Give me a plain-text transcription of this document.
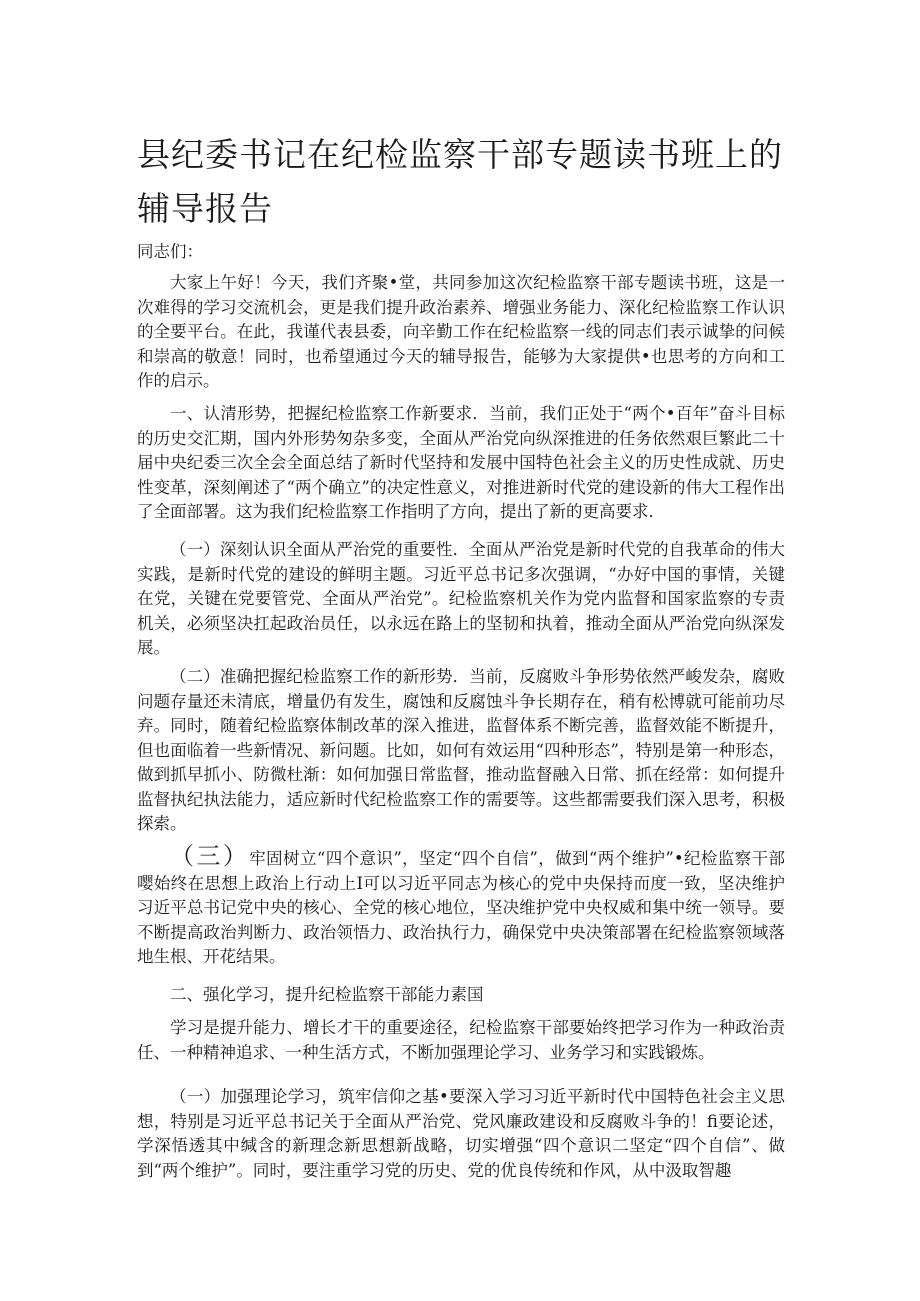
县纪委书记在纪检监察干部专题读书班上的辅导报告

同志们：

大家上午好！今天，我们齐聚•堂，共同参加这次纪检监察干部专题读书班，这是一次难得的学习交流机会，更是我们提升政治素养、增强业务能力、深化纪检监察工作认识的全要平台。在此，我谨代表县委，向辛勤工作在纪检监察一线的同志们表示诚挚的问候和崇高的敬意！同时，也希望通过今天的辅导报告，能够为大家提供•也思考的方向和工作的启示。

一、认清形势，把握纪检监察工作新要求．当前，我们正处于“两个•百年”奋斗目标的历史交汇期，国内外形势匆杂多变，全面从严治党向纵深推进的任务依然艰巨繁此二十届中央纪委三次全会全面总结了新时代坚持和发展中国特色社会主义的历史性成就、历史性变革，深刻阐述了“两个确立”的决定性意义，对推进新时代党的建设新的伟大工程作出了全面部署。这为我们纪检监察工作指明了方向，提出了新的更高要求．

（一）深刻认识全面从严治党的重要性．全面从严治党是新时代党的自我革命的伟大实践，是新时代党的建设的鲜明主题。习近平总书记多次强调，“办好中国的事情，关键在党，关键在党要管党、全面从严治党”。纪检监察机关作为党内监督和国家监察的专责机关，必须坚决扛起政治员任，以永远在路上的坚韧和执着，推动全面从严治党向纵深发展。

（二）准确把握纪检监察工作的新形势．当前，反腐败斗争形势依然严峻发杂，腐败问题存量还未清底，增量仍有发生，腐蚀和反腐蚀斗争长期存在，稍有松博就可能前功尽弃。同时，随着纪检监察体制改革的深入推进，监督体系不断完善，监督效能不断提升，但也面临着一些新情况、新问题。比如，如何有效运用“四种形态”，特别是第一种形态，做到抓早抓小、防微杜渐：如何加强日常监督，推动监督融入日常、抓在经常：如何提升监督执纪执法能力，适应新时代纪检监察工作的需要等。这些都需要我们深入思考，积极探索。

（三）牢固树立“四个意识”，坚定“四个自信”，做到“两个维护”•纪检监察干部嘤始终在思想上政治上行动上I可以习近平同志为核心的党中央保持而度一致，坚决维护习近平总书记党中央的核心、全党的核心地位，坚决维护党中央权威和集中统一领导。要不断提高政治判断力、政治领悟力、政治执行力，确保党中央决策部署在纪检监察领域落地生根、开花结果。

二、强化学习，提升纪检监察干部能力素国

学习是提升能力、增长才干的重要途径，纪检监察干部要始终把学习作为一种政治责任、一种精神追求、一种生活方式，不断加强理论学习、业务学习和实践锻炼。

（一）加强理论学习，筑牢信仰之基•要深入学习习近平新时代中国特色社会主义思想，特别是习近平总书记关于全面从严治党、党风廉政建设和反腐败斗争的！fi要论述，学深悟透其中缄含的新理念新思想新战略，切实增强“四个意识二坚定“四个自信”、做到“两个维护”。同时，要注重学习党的历史、党的优良传统和作风，从中汲取智趣
